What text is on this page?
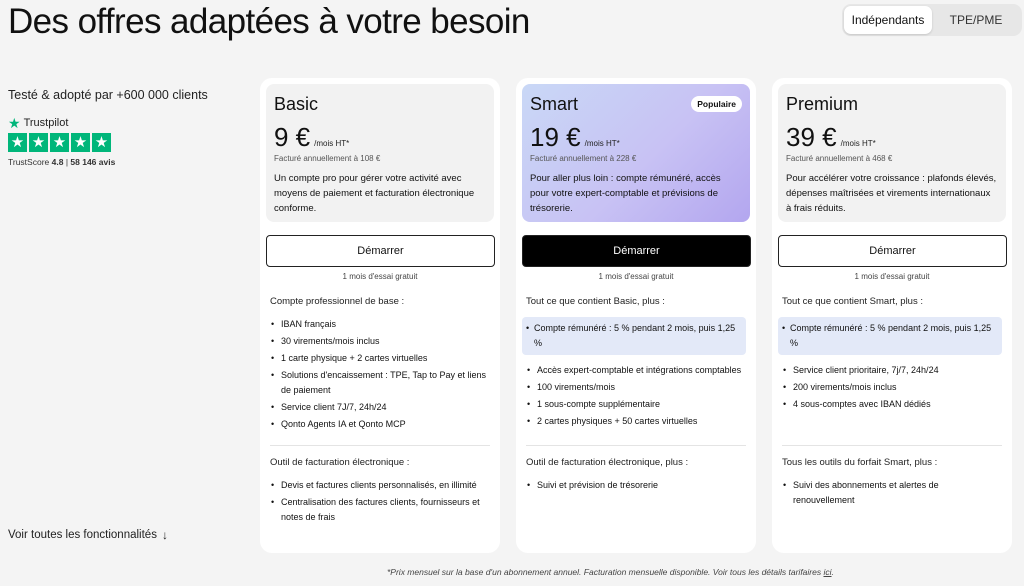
Des offres adaptées à votre besoin	Indépendants	TPE/PME
Testé & adopté par +600 000 clients
★ Trustpilot
★ ★ ★ ★ ★
TrustScore 4.8 | 58 146 avis
Voir toutes les fonctionnalités ↓
Basic
9 € /mois HT*
Facturé annuellement à 108 €
Un compte pro pour gérer votre activité avec moyens de paiement et facturation électronique conforme.
Démarrer
1 mois d'essai gratuit
Compte professionnel de base :
• IBAN français
• 30 virements/mois inclus
• 1 carte physique + 2 cartes virtuelles
• Solutions d'encaissement : TPE, Tap to Pay et liens de paiement
• Service client 7J/7, 24h/24
• Qonto Agents IA et Qonto MCP
Outil de facturation électronique :
• Devis et factures clients personnalisés, en illimité
• Centralisation des factures clients, fournisseurs et notes de frais
Smart	Populaire
19 € /mois HT*
Facturé annuellement à 228 €
Pour aller plus loin : compte rémunéré, accès pour votre expert-comptable et prévisions de trésorerie.
Démarrer
1 mois d'essai gratuit
Tout ce que contient Basic, plus :
• Compte rémunéré : 5 % pendant 2 mois, puis 1,25 %
• Accès expert-comptable et intégrations comptables
• 100 virements/mois
• 1 sous-compte supplémentaire
• 2 cartes physiques + 50 cartes virtuelles
Outil de facturation électronique, plus :
• Suivi et prévision de trésorerie
Premium
39 € /mois HT*
Facturé annuellement à 468 €
Pour accélérer votre croissance : plafonds élevés, dépenses maîtrisées et virements internationaux à frais réduits.
Démarrer
1 mois d'essai gratuit
Tout ce que contient Smart, plus :
• Compte rémunéré : 5 % pendant 2 mois, puis 1,25 %
• Service client prioritaire, 7j/7, 24h/24
• 200 virements/mois inclus
• 4 sous-comptes avec IBAN dédiés
Tous les outils du forfait Smart, plus :
• Suivi des abonnements et alertes de renouvellement
*Prix mensuel sur la base d'un abonnement annuel. Facturation mensuelle disponible. Voir tous les détails tarifaires ici.
